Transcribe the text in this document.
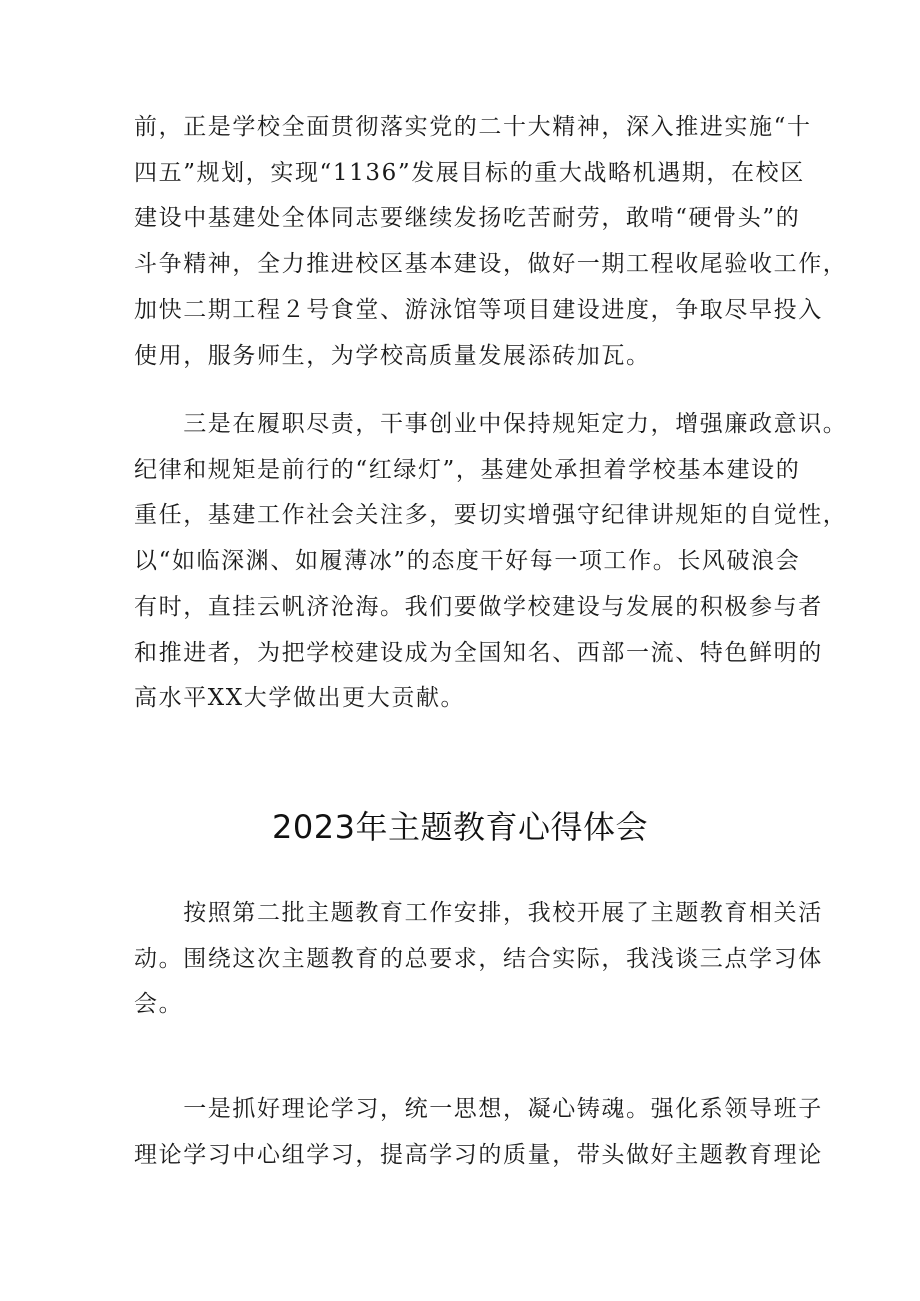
前，正是学校全面贯彻落实党的二十大精神，深入推进实施“十
四五”规划，实现“1136”发展目标的重大战略机遇期，在校区
建设中基建处全体同志要继续发扬吃苦耐劳，敢啃“硬骨头”的
斗争精神，全力推进校区基本建设，做好一期工程收尾验收工作，
加快二期工程２号食堂、游泳馆等项目建设进度，争取尽早投入
使用，服务师生，为学校高质量发展添砖加瓦。

　　三是在履职尽责，干事创业中保持规矩定力，增强廉政意识。
纪律和规矩是前行的“红绿灯”，基建处承担着学校基本建设的
重任，基建工作社会关注多，要切实增强守纪律讲规矩的自觉性，
以“如临深渊、如履薄冰”的态度干好每一项工作。长风破浪会
有时，直挂云帆济沧海。我们要做学校建设与发展的积极参与者
和推进者，为把学校建设成为全国知名、西部一流、特色鲜明的
高水平XX大学做出更大贡献。

2023年主题教育心得体会

　　按照第二批主题教育工作安排，我校开展了主题教育相关活
动。围绕这次主题教育的总要求，结合实际，我浅谈三点学习体
会。

　　一是抓好理论学习，统一思想，凝心铸魂。强化系领导班子
理论学习中心组学习，提高学习的质量，带头做好主题教育理论
